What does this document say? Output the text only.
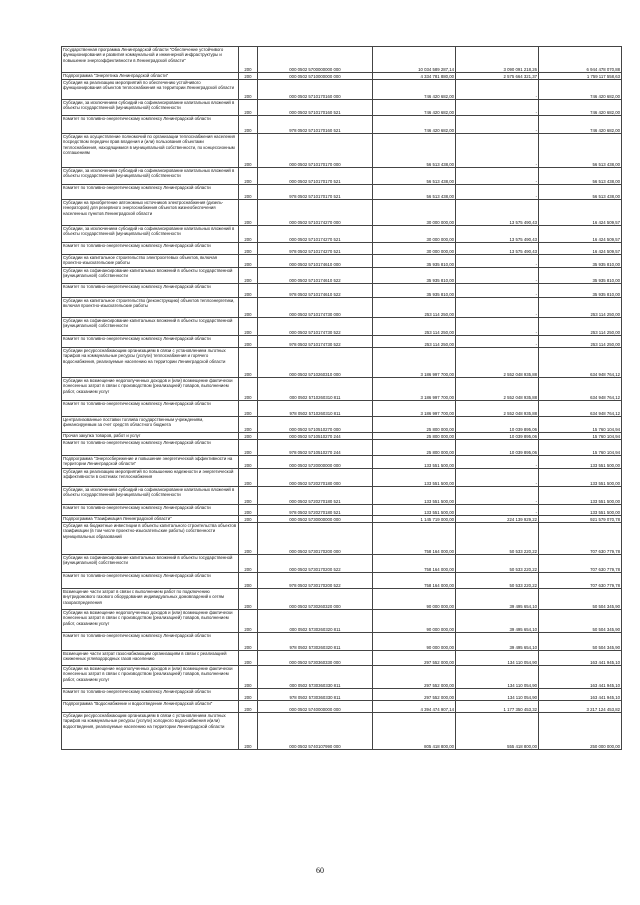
Государственная программа Ленинградской области "Обеспечение устойчивого функционирования и развития коммунальной и инженерной инфраструктуры и повышение энергоэффективности в Ленинградской области"	200	000 0502 5700000000 000	10 034 589 287,14	3 090 091 218,26	6 944 478 070,88
Подпрограмма "Энергетика Ленинградской области"	200	000 0502 5710000000 000	4 334 781 880,00	2 575 664 321,37	1 759 117 558,63
Субсидия на реализацию мероприятий по обеспечению устойчивого функционирования объектов теплоснабжения на территории Ленинградской области	200	000 0502 5710170160 000	746 420 682,00	-	746 420 682,00
Субсидии, за исключением субсидий на софинансирование капитальных вложений в объекты государственной (муниципальной) собственности	200	000 0502 5710170160 521	746 420 682,00	-	746 420 682,00
Комитет по топливно-энергетическому комплексу Ленинградской области	200	978 0502 5710170160 521	746 420 682,00	-	746 420 682,00
Субсидии на осуществление полномочий по организации теплоснабжения населения посредством передачи прав владения и (или) пользования объектами теплоснабжения, находящимися в муниципальной собственности, по концессионным соглашениям	200	000 0502 5710170170 000	56 513 438,00	-	56 513 438,00
Субсидии, за исключением субсидий на софинансирование капитальных вложений в объекты государственной (муниципальной) собственности	200	000 0502 5710170170 521	56 513 438,00	-	56 513 438,00
Комитет по топливно-энергетическому комплексу Ленинградской области	200	978 0502 5710170170 521	56 513 438,00	-	56 513 438,00
Субсидии на приобретение автономных источников электроснабжения (дизель-генераторов) для резервного энергоснабжения объектов жизнеобеспечения населенных пунктов Ленинградской области	200	000 0502 5710174270 000	30 000 000,00	13 575 490,43	16 424 509,57
Субсидии, за исключением субсидий на софинансирование капитальных вложений в объекты государственной (муниципальной) собственности	200	000 0502 5710174270 521	30 000 000,00	13 575 490,43	16 424 509,57
Комитет по топливно-энергетическому комплексу Ленинградской области	200	978 0502 5710174270 521	30 000 000,00	13 575 490,43	16 424 509,57
Субсидии на капитальное строительство электросетевых объектов, включая проектно-изыскательские работы	200	000 0502 5710174610 000	35 935 810,00	-	35 935 810,00
Субсидии на софинансирование капитальных вложений в объекты государственной (муниципальной) собственности	200	000 0502 5710174610 522	35 935 810,00	-	35 935 810,00
Комитет по топливно-энергетическому комплексу Ленинградской области	200	978 0502 5710174610 522	35 935 810,00	-	35 935 810,00
Субсидии на капитальное строительство (реконструкцию) объектов теплоэнергетики, включая проектно-изыскательские работы	200	000 0502 5710174730 000	253 114 250,00	-	253 114 250,00
Субсидии на софинансирование капитальных вложений в объекты государственной (муниципальной) собственности	200	000 0502 5710174730 522	253 114 250,00	-	253 114 250,00
Комитет по топливно-энергетическому комплексу Ленинградской области	200	978 0502 5710174730 522	253 114 250,00	-	253 114 250,00
Субсидии ресурсоснабжающим организациям в связи с установлением льготных тарифов на коммунальные ресурсы (услуги) теплоснабжения и горячего водоснабжения, реализуемые населению на территории Ленинградской области	200	000 0502 5710260310 000	3 186 997 700,00	2 552 048 935,88	634 948 764,12
Субсидии на возмещение недополученных доходов и (или) возмещение фактически понесенных затрат в связи с производством (реализацией) товаров, выполнением работ, оказанием услуг	200	000 0502 5710260310 811	3 186 997 700,00	2 552 048 935,88	634 948 764,12
Комитет по топливно-энергетическому комплексу Ленинградской области	200	978 0502 5710260310 811	3 186 997 700,00	2 552 048 935,88	634 948 764,12
Централизованные поставки топлива государственным учреждениям, финансируемым за счет средств областного бюджета	200	000 0502 5710510270 000	25 800 000,00	10 039 895,06	15 760 104,94
Прочая закупка товаров, работ и услуг	200	000 0502 5710510270 244	25 800 000,00	10 039 895,06	15 760 104,94
Комитет по топливно-энергетическому комплексу Ленинградской области	200	978 0502 5710510270 244	25 800 000,00	10 039 895,06	15 760 104,94
Подпрограмма "Энергосбережение и повышение энергетической эффективности на территории Ленинградской области"	200	000 0502 5720000000 000	133 551 500,00	-	133 551 500,00
Субсидия на реализацию мероприятий по повышению надежности и энергетической эффективности в системах теплоснабжения	200	000 0502 5720270180 000	133 551 500,00	-	133 551 500,00
Субсидии, за исключением субсидий на софинансирование капитальных вложений в объекты государственной (муниципальной) собственности	200	000 0502 5720270180 521	133 551 500,00	-	133 551 500,00
Комитет по топливно-энергетическому комплексу Ленинградской области	200	978 0502 5720270180 521	133 551 500,00	-	133 551 500,00
Подпрограмма "Газификация Ленинградской области"	200	000 0502 5730000000 000	1 145 719 000,00	224 139 929,22	921 579 070,78
Субсидия на бюджетные инвестиции в объекты капитального строительства объектов газификации (в том числе проектно-изыскательские работы) собственности муниципальных образований	200	000 0502 5730170200 000	758 164 000,00	50 533 220,22	707 630 779,78
Субсидии на софинансирование капитальных вложений в объекты государственной (муниципальной) собственности	200	000 0502 5730170200 522	758 164 000,00	50 533 220,22	707 630 779,78
Комитет по топливно-энергетическому комплексу Ленинградской области	200	978 0502 5730170200 522	758 164 000,00	50 533 220,22	707 630 779,78
Возмещение части затрат в связи с выполнением работ по подключению внутридомового газового оборудования индивидуальных домовладений к сетям газораспределения	200	000 0502 5730260320 000	90 000 000,00	39 495 654,10	50 504 345,90
Субсидии на возмещение недополученных доходов и (или) возмещение фактически понесенных затрат в связи с производством (реализацией) товаров, выполнением работ, оказанием услуг	200	000 0502 5730260320 811	90 000 000,00	39 495 654,10	50 504 345,90
Комитет по топливно-энергетическому комплексу Ленинградской области	200	978 0502 5730260320 811	90 000 000,00	39 495 654,10	50 504 345,90
Возмещение части затрат газоснабжающим организациям в связи с реализацией сжиженных углеводородных газов населению	200	000 0502 5730360330 000	297 552 000,00	134 110 054,90	163 441 945,10
Субсидии на возмещение недополученных доходов и (или) возмещение фактически понесенных затрат в связи с производством (реализацией) товаров, выполнением работ, оказанием услуг	200	000 0502 5730360330 811	297 552 000,00	134 110 054,90	163 441 945,10
Комитет по топливно-энергетическому комплексу Ленинградской области	200	978 0502 5730360330 811	297 552 000,00	134 110 054,90	163 441 945,10
Подпрограмма "Водоснабжение и водоотведение Ленинградской области"	200	000 0502 5740000000 000	4 394 474 907,14	1 177 350 453,32	3 217 124 453,82
Субсидии ресурсоснабжающим организациям в связи с установлением льготных тарифов на коммунальные ресурсы (услуги) холодного водоснабжения и(или) водоотведения, реализуемые населению на территории Ленинградской области	200	000 0502 5740107990 000	805 418 800,00	555 418 800,00	250 000 000,00
60
